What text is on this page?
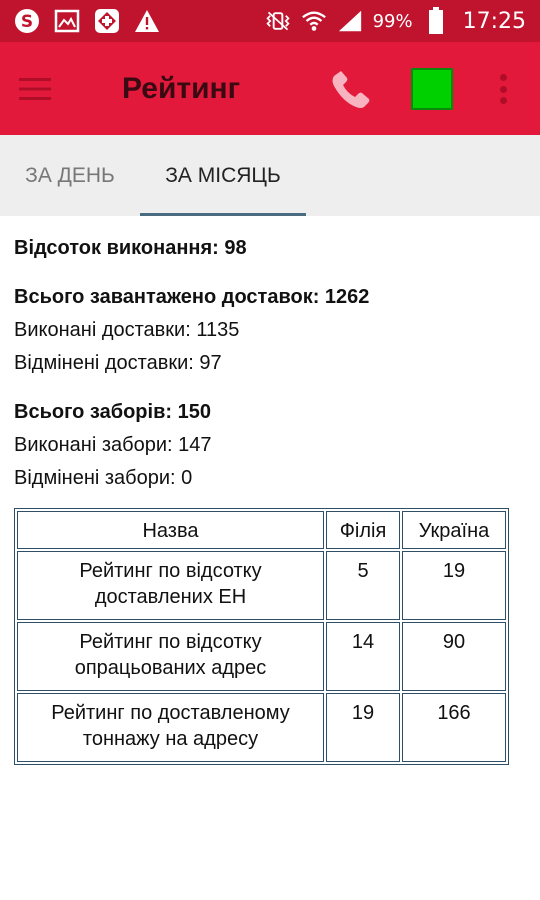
S	99% 17:25
Рейтинг
ЗА ДЕНЬ	ЗА МІСЯЦЬ
Відсоток виконання: 98
Всього завантажено доставок: 1262
Виконані доставки: 1135
Відмінені доставки: 97
Всього заборів: 150
Виконані забори: 147
Відмінені забори: 0
Назва	Філія	Україна

Рейтинг по відсотку
доставлених ЕН	5	19

Рейтинг по відсотку
опрацьованих адрес	14	90

Рейтинг по доставленому
тоннажу на адресу	19	166
